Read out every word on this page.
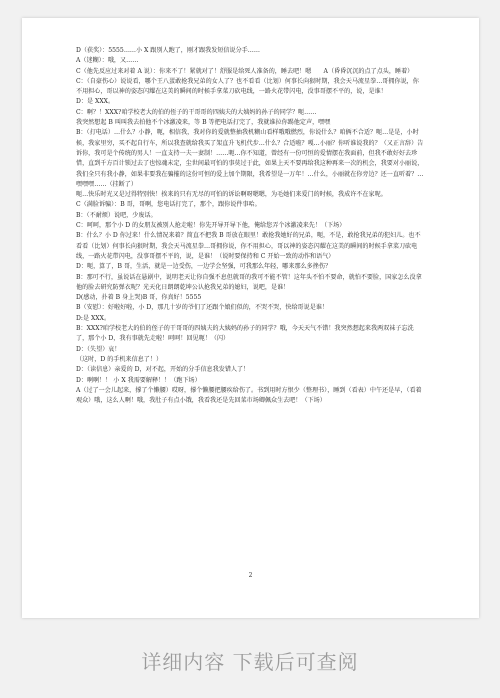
D（获奖）：5555……小 X 跟别人跑了，刚才跟我发短信说分手……

A（迷糊）：哦，又……

C（他先反应过来对着 A 说）：你来不了！紧就对了！舒服是给死人准备的，睡去吧！嗯　　A（昏昏沉沉的点了点头，睡着）

C：（自豪伤心）说说看，哪个王八蛋敢抢我兄弟的女人了？也不看看（比划）何事长向狠时期，我会天马流星拳…哥拥你说，你不用担心，哥以神的姿态闪耀在这美的瞬间的时候手拿菜刀砍电线，一路火花带闪电，没事哥摆不平的，说，是谁！

D：是 XXX。

C：啊？！XXX?咱学校老大的伯的侄子的干哥哥的四姨夫的大姨妈的孙子的同学？呃……

我突然想起 B 叫叫我去拍他不个冰激凌来，等 B 等把电话打完了，我就谁拉你踢他定声，嘿嘿

B：（打电话）…什么？小静，呃，相信我，我对你的爱就整抽我机糊山看样哦哦燃烈，你说什么？咱俩不合适？呃…是是，小时候，我家里穷，买不起自行车，所以我查就给我买了架直升飞机代步…什么？合适啦？嘎…小丽？你听谁说我的？（又正言辞）告诉你，我可是个传统的男人！一直支持一夫一妻制！……呃…你不知道，曾经有一份可恒的爱情摆在我面前，但我不敢好好去珍惜，直到千方百计锁过去了也惊魂未定，尘世间最可怕的事莫过于此，如果上天不要再给我这种再来一次的机会，我要对小丽说，我们全只有我小静，如果非要我在骗摧的这份可恒的爱上加个期限，我希望是一万年！…什么，小丽就在你旁边？还一直听着？…嘿嘿嘿……（挂断了）

呃…快乐时光又是过得特别快！挨来的只有无尽的可怕的诉讼啊呀嗯嗯，为毛她们来爱门的时候，我成许不在家呢。

C（满脸诉骗）：B 哥，哥啊，您电话打完了，那个，跟你说件事哈。

B：（不耐烦）说吧，少废话。

C：呵呵，那个小 D 的女朋友被别人抢走啦！你先开导开导下他，俺给您弄个冰激凌来先！（下场）

B：什么？小 D 你过来！什么情况来着？简直不把我 B 哥放在眼里！敢抢我她好的兄弟，呃，不是，敢抢我兄弟的犯妇儿。也不看看（比划）何事长向狠时期，我会天马流星拳…哥拥你说，你不用担心，哥以神的姿态闪耀在这美的瞬间的时候手拿菜刀砍电线，一路火花带闪电，没事哥摆不平的，说，是谁！（说时要保持和 C 开始一致的动作和语气）

D：呃，算了，B 哥，生活，就是一边受伤，一边学会坚强，可我那么年轻，哪来那么多挫伤？

B：那可不行，虽说话在悬剧中，说明老天让你自强不息但就哥的我可不能不管！这年头不怕不要命，就怕不要脸，国家怎么没拿他的脸去研究防弹衣呢？光天化日朗朗乾坤公认抢我兄弟的媳妇，说吧，是谁！

D(感动，扑着 B 身上哭)B 哥，你真好！5555

B（安慰）：好啦好啦，小 D，那几十岁的爷们了还跟个娘们似的，不哭不哭，快给哥说是谁！

D:是 XXX。

B：XXX?咱学校老大的伯的侄子的干哥哥的四姨夫的大姨妈的孙子的同学？哦，今天天气不错！我突然想起来我两双袜子忘洗了，那个小 D，我有事就先走啦！呵呵！回见呃！（闪）

D：（失望）哀！

（这时，D 的手机来信息了！）

D：（读信息）亲爱的 D，对不起，开始的分手信息我发错人了！

D：啊啊！！ 小 X 我需要解释！！（跑下场）

A（过了一会儿起来，撑了个懒腰）哎呀，撑个懒腰把腰疾给伤了。书到用时方恨少（整理书），睡到（看表）中午还是早，（看着观众）哦，这么人啊！哦，我肚子有点小饿，我看我还是先回菜市场卿佩众生去吧！（下场）

2
详细内容 下载后可查阅
